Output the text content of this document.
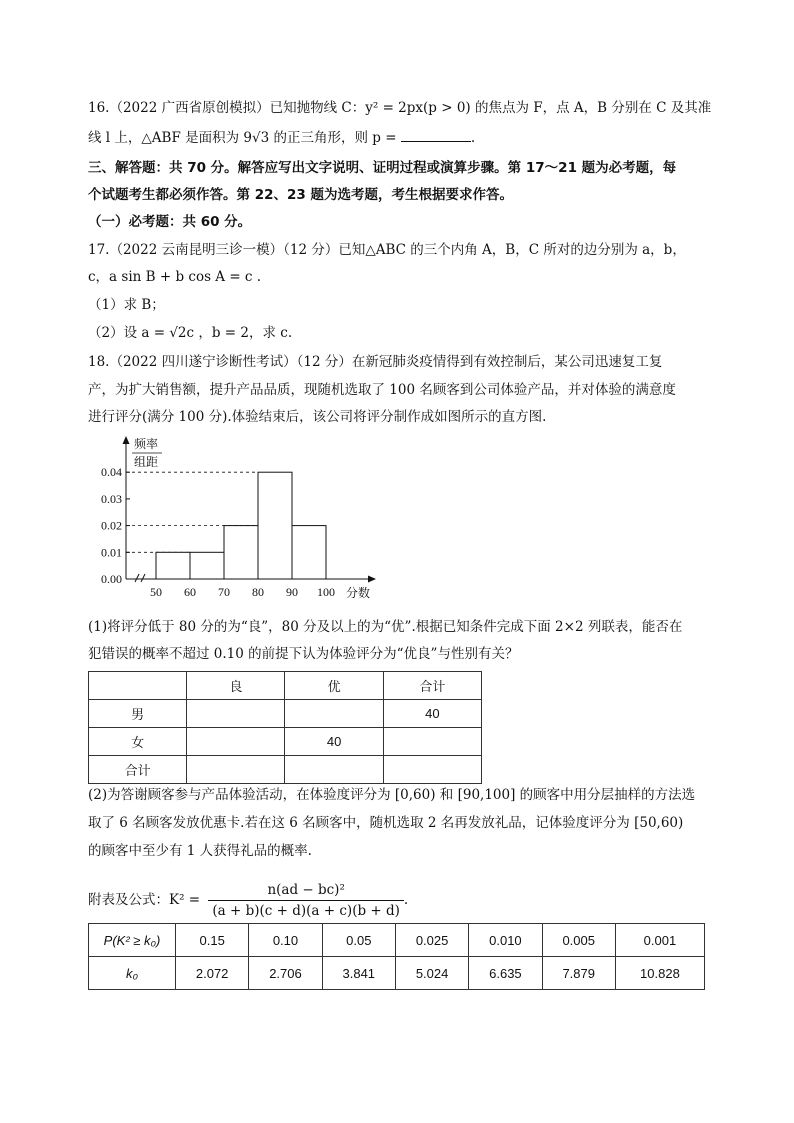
16.（2022 广西省原创模拟）已知抛物线 C：y² = 2px(p > 0) 的焦点为 F，点 A，B 分别在 C 及其准
线 l 上，△ABF 是面积为 9√3 的正三角形，则 p =	.
三、解答题：共 70 分。解答应写出文字说明、证明过程或演算步骤。第 17～21 题为必考题，每
个试题考生都必须作答。第 22、23 题为选考题，考生根据要求作答。
（一）必考题：共 60 分。
17.（2022 云南昆明三诊一模）（12 分）已知△ABC 的三个内角 A，B，C 所对的边分别为 a，b，
c，a sin B + b cos A = c .
（1）求 B；
（2）设 a = √2c ，b = 2，求 c.
18.（2022 四川遂宁诊断性考试）（12 分）在新冠肺炎疫情得到有效控制后，某公司迅速复工复
产，为扩大销售额，提升产品品质，现随机选取了 100 名顾客到公司体验产品，并对体验的满意度
进行评分(满分 100 分).体验结束后，该公司将评分制作成如图所示的直方图.
0.00
0.01
0.02
0.03
0.04
50 60 70 80 90 100 分数
频率
组距
(1)将评分低于 80 分的为“良”，80 分及以上的为“优”.根据已知条件完成下面 2×2 列联表，能否在
犯错误的概率不超过 0.10 的前提下认为体验评分为“优良”与性别有关？
	良	优	合计
男			40
女		40	
合计			
(2)为答谢顾客参与产品体验活动，在体验度评分为 [0,60) 和 [90,100] 的顾客中用分层抽样的方法选
取了 6 名顾客发放优惠卡.若在这 6 名顾客中，随机选取 2 名再发放礼品，记体验度评分为 [50,60)
的顾客中至少有 1 人获得礼品的概率.
附表及公式：$K^2 = \frac{\text{n(ad − bc)²}}{(a + b)(c + d)(a + c)(b + d)}$ .
P(K² ≥ k₀)	0.15	0.10	0.05	0.025	0.010	0.005	0.001
k₀	2.072	2.706	3.841	5.024	6.635	7.879	10.828
